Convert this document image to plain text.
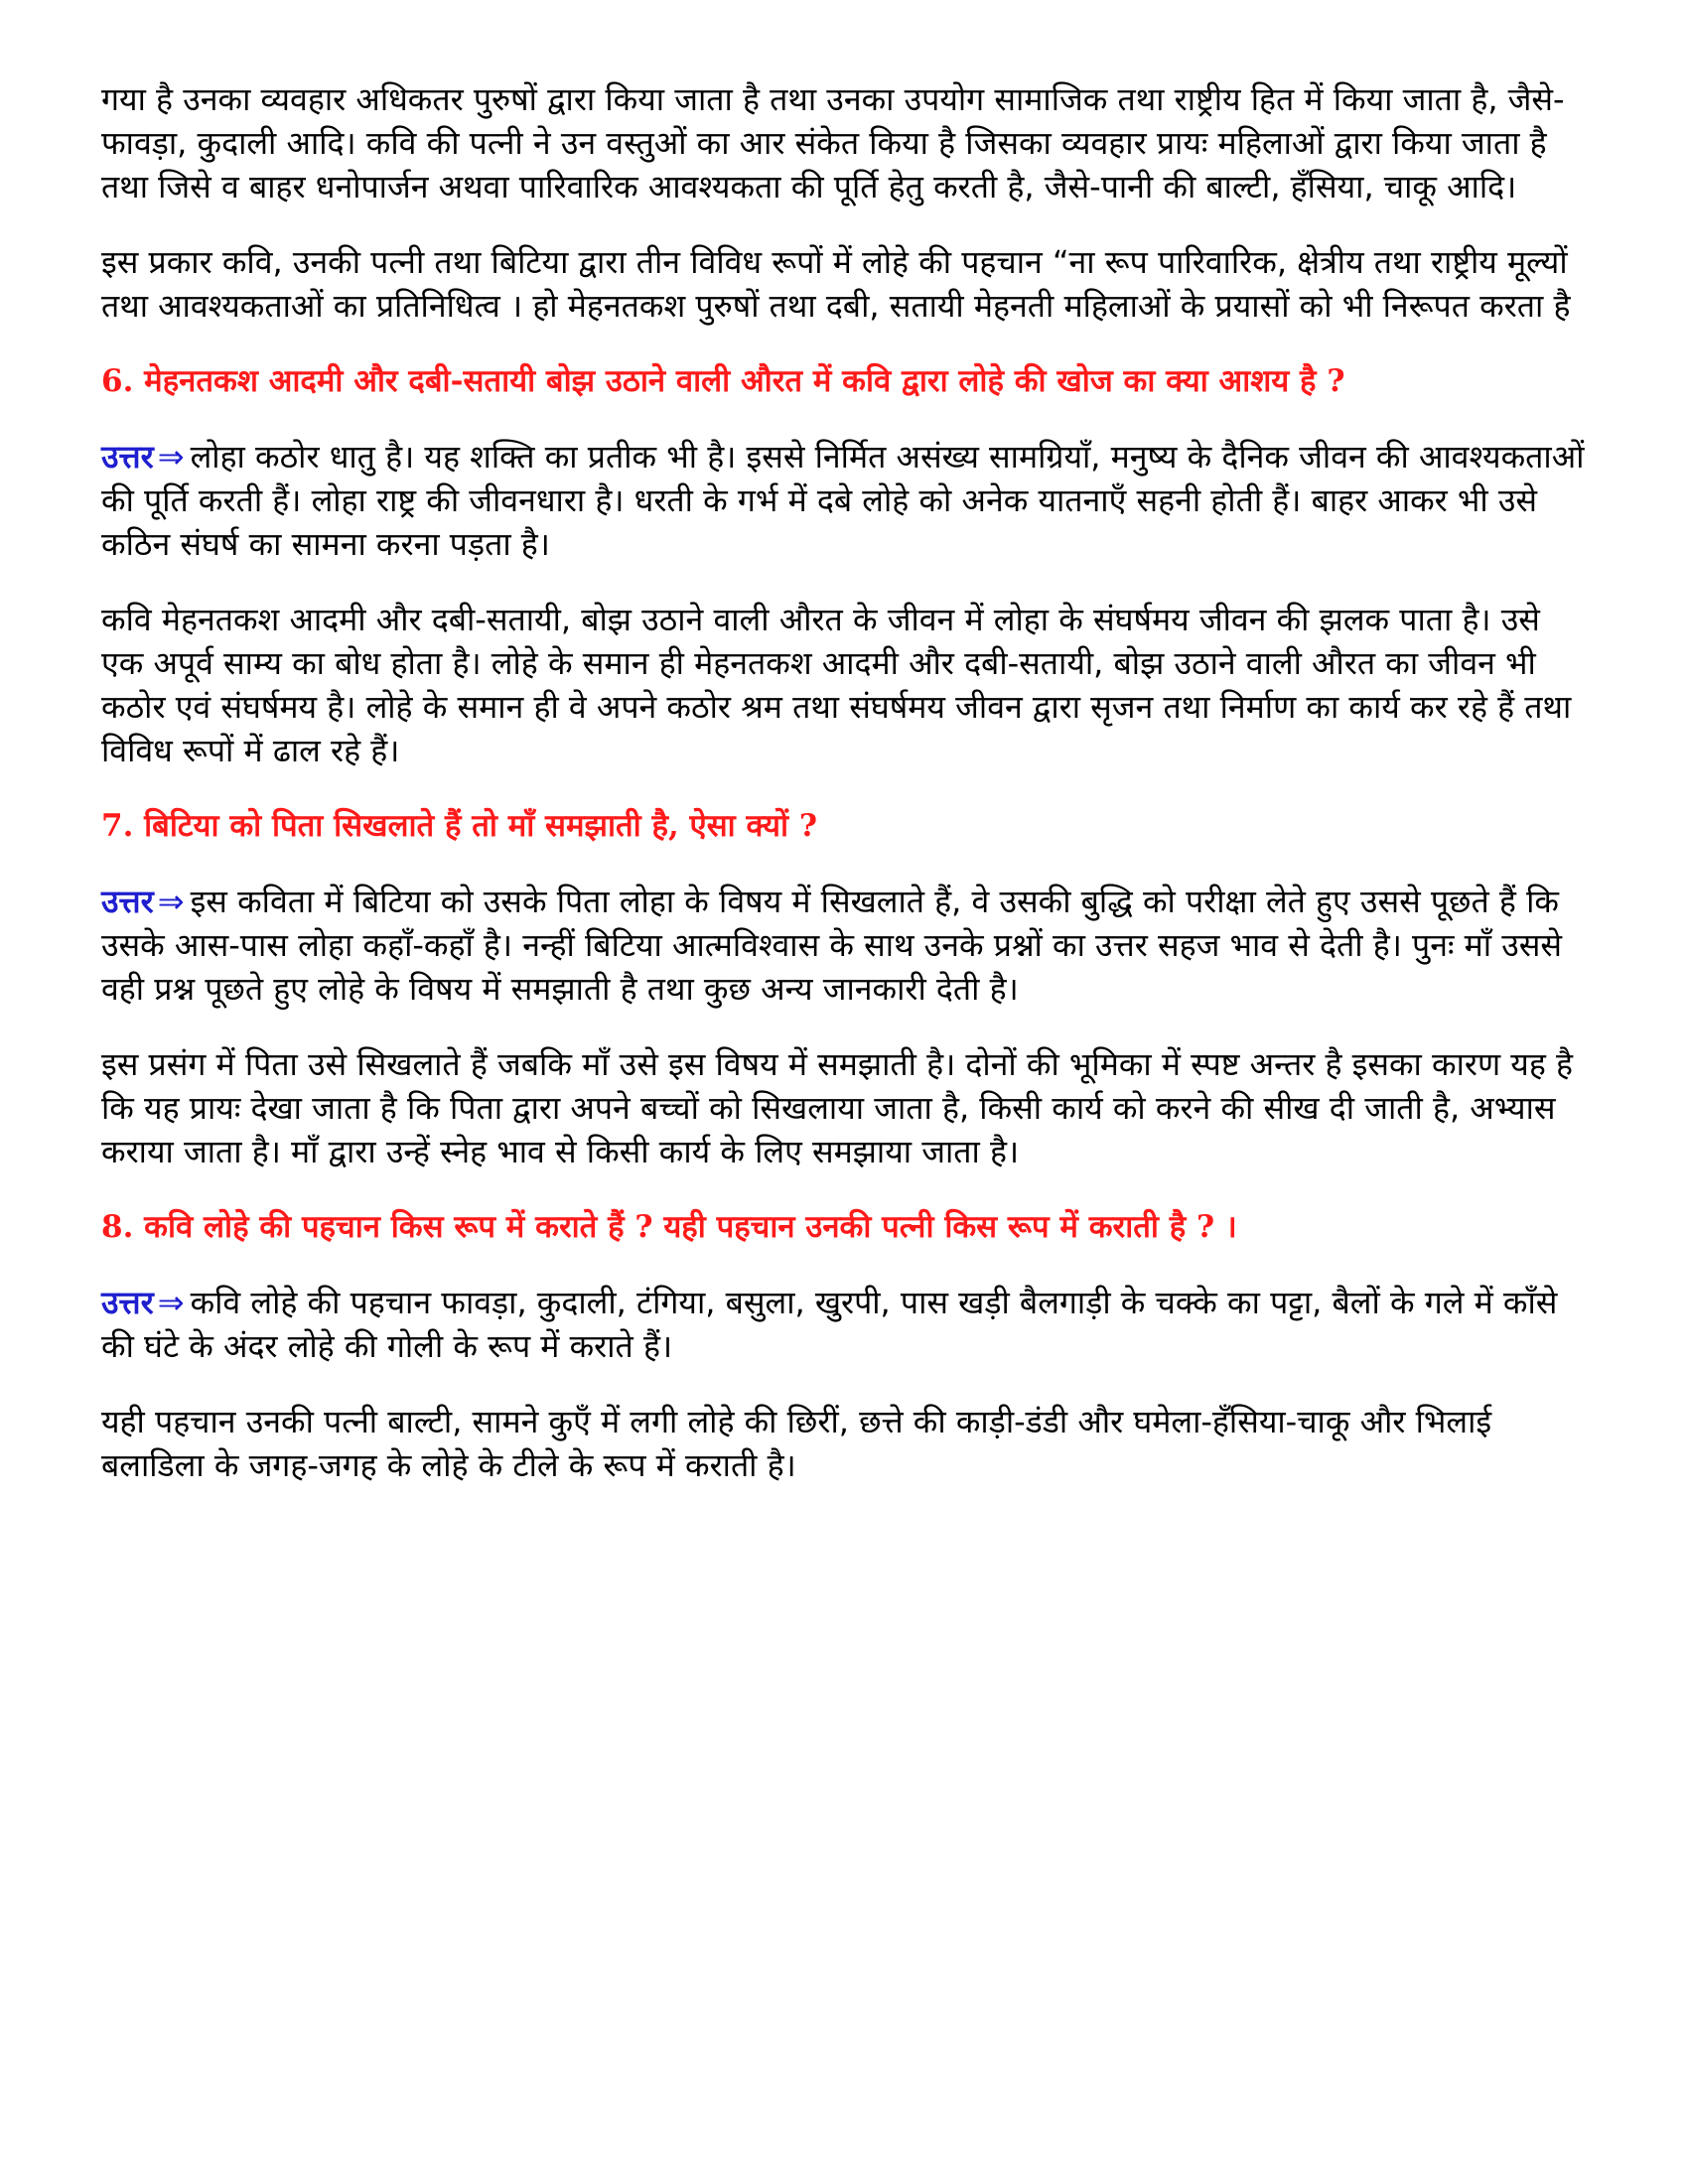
गया है उनका व्यवहार अधिकतर पुरुषों द्वारा किया जाता है तथा उनका उपयोग सामाजिक तथा राष्ट्रीय हित में किया जाता है, जैसे-फावड़ा, कुदाली आदि। कवि की पत्नी ने उन वस्तुओं का आर संकेत किया है जिसका व्यवहार प्रायः महिलाओं द्वारा किया जाता है तथा जिसे व बाहर धनोपार्जन अथवा पारिवारिक आवश्यकता की पूर्ति हेतु करती है, जैसे-पानी की बाल्टी, हँसिया, चाकू आदि।

इस प्रकार कवि, उनकी पत्नी तथा बिटिया द्वारा तीन विविध रूपों में लोहे की पहचान “ना रूप पारिवारिक, क्षेत्रीय तथा राष्ट्रीय मूल्यों तथा आवश्यकताओं का प्रतिनिधित्व । हो मेहनतकश पुरुषों तथा दबी, सतायी मेहनती महिलाओं के प्रयासों को भी निरूपत करता है

6. मेहनतकश आदमी और दबी-सतायी बोझ उठाने वाली औरत में कवि द्वारा लोहे की खोज का क्या आशय है ?

उत्तर ⇒ लोहा कठोर धातु है। यह शक्ति का प्रतीक भी है। इससे निर्मित असंख्य सामग्रियाँ, मनुष्य के दैनिक जीवन की आवश्यकताओं की पूर्ति करती हैं। लोहा राष्ट्र की जीवनधारा है। धरती के गर्भ में दबे लोहे को अनेक यातनाएँ सहनी होती हैं। बाहर आकर भी उसे कठिन संघर्ष का सामना करना पड़ता है।

कवि मेहनतकश आदमी और दबी-सतायी, बोझ उठाने वाली औरत के जीवन में लोहा के संघर्षमय जीवन की झलक पाता है। उसे एक अपूर्व साम्य का बोध होता है। लोहे के समान ही मेहनतकश आदमी और दबी-सतायी, बोझ उठाने वाली औरत का जीवन भी कठोर एवं संघर्षमय है। लोहे के समान ही वे अपने कठोर श्रम तथा संघर्षमय जीवन द्वारा सृजन तथा निर्माण का कार्य कर रहे हैं तथा विविध रूपों में ढाल रहे हैं।

7. बिटिया को पिता सिखलाते हैं तो माँ समझाती है, ऐसा क्यों ?

उत्तर ⇒ इस कविता में बिटिया को उसके पिता लोहा के विषय में सिखलाते हैं, वे उसकी बुद्धि को परीक्षा लेते हुए उससे पूछते हैं कि उसके आस-पास लोहा कहाँ-कहाँ है। नन्हीं बिटिया आत्मविश्वास के साथ उनके प्रश्नों का उत्तर सहज भाव से देती है। पुनः माँ उससे वही प्रश्न पूछते हुए लोहे के विषय में समझाती है तथा कुछ अन्य जानकारी देती है।

इस प्रसंग में पिता उसे सिखलाते हैं जबकि माँ उसे इस विषय में समझाती है। दोनों की भूमिका में स्पष्ट अन्तर है इसका कारण यह है कि यह प्रायः देखा जाता है कि पिता द्वारा अपने बच्चों को सिखलाया जाता है, किसी कार्य को करने की सीख दी जाती है, अभ्यास कराया जाता है। माँ द्वारा उन्हें स्नेह भाव से किसी कार्य के लिए समझाया जाता है।

8. कवि लोहे की पहचान किस रूप में कराते हैं ? यही पहचान उनकी पत्नी किस रूप में कराती है ? ।

उत्तर ⇒ कवि लोहे की पहचान फावड़ा, कुदाली, टंगिया, बसुला, खुरपी, पास खड़ी बैलगाड़ी के चक्के का पट्टा, बैलों के गले में काँसे की घंटे के अंदर लोहे की गोली के रूप में कराते हैं।

यही पहचान उनकी पत्नी बाल्टी, सामने कुएँ में लगी लोहे की छिरीं, छत्ते की काड़ी-डंडी और घमेला-हँसिया-चाकू और भिलाई बलाडिला के जगह-जगह के लोहे के टीले के रूप में कराती है।
